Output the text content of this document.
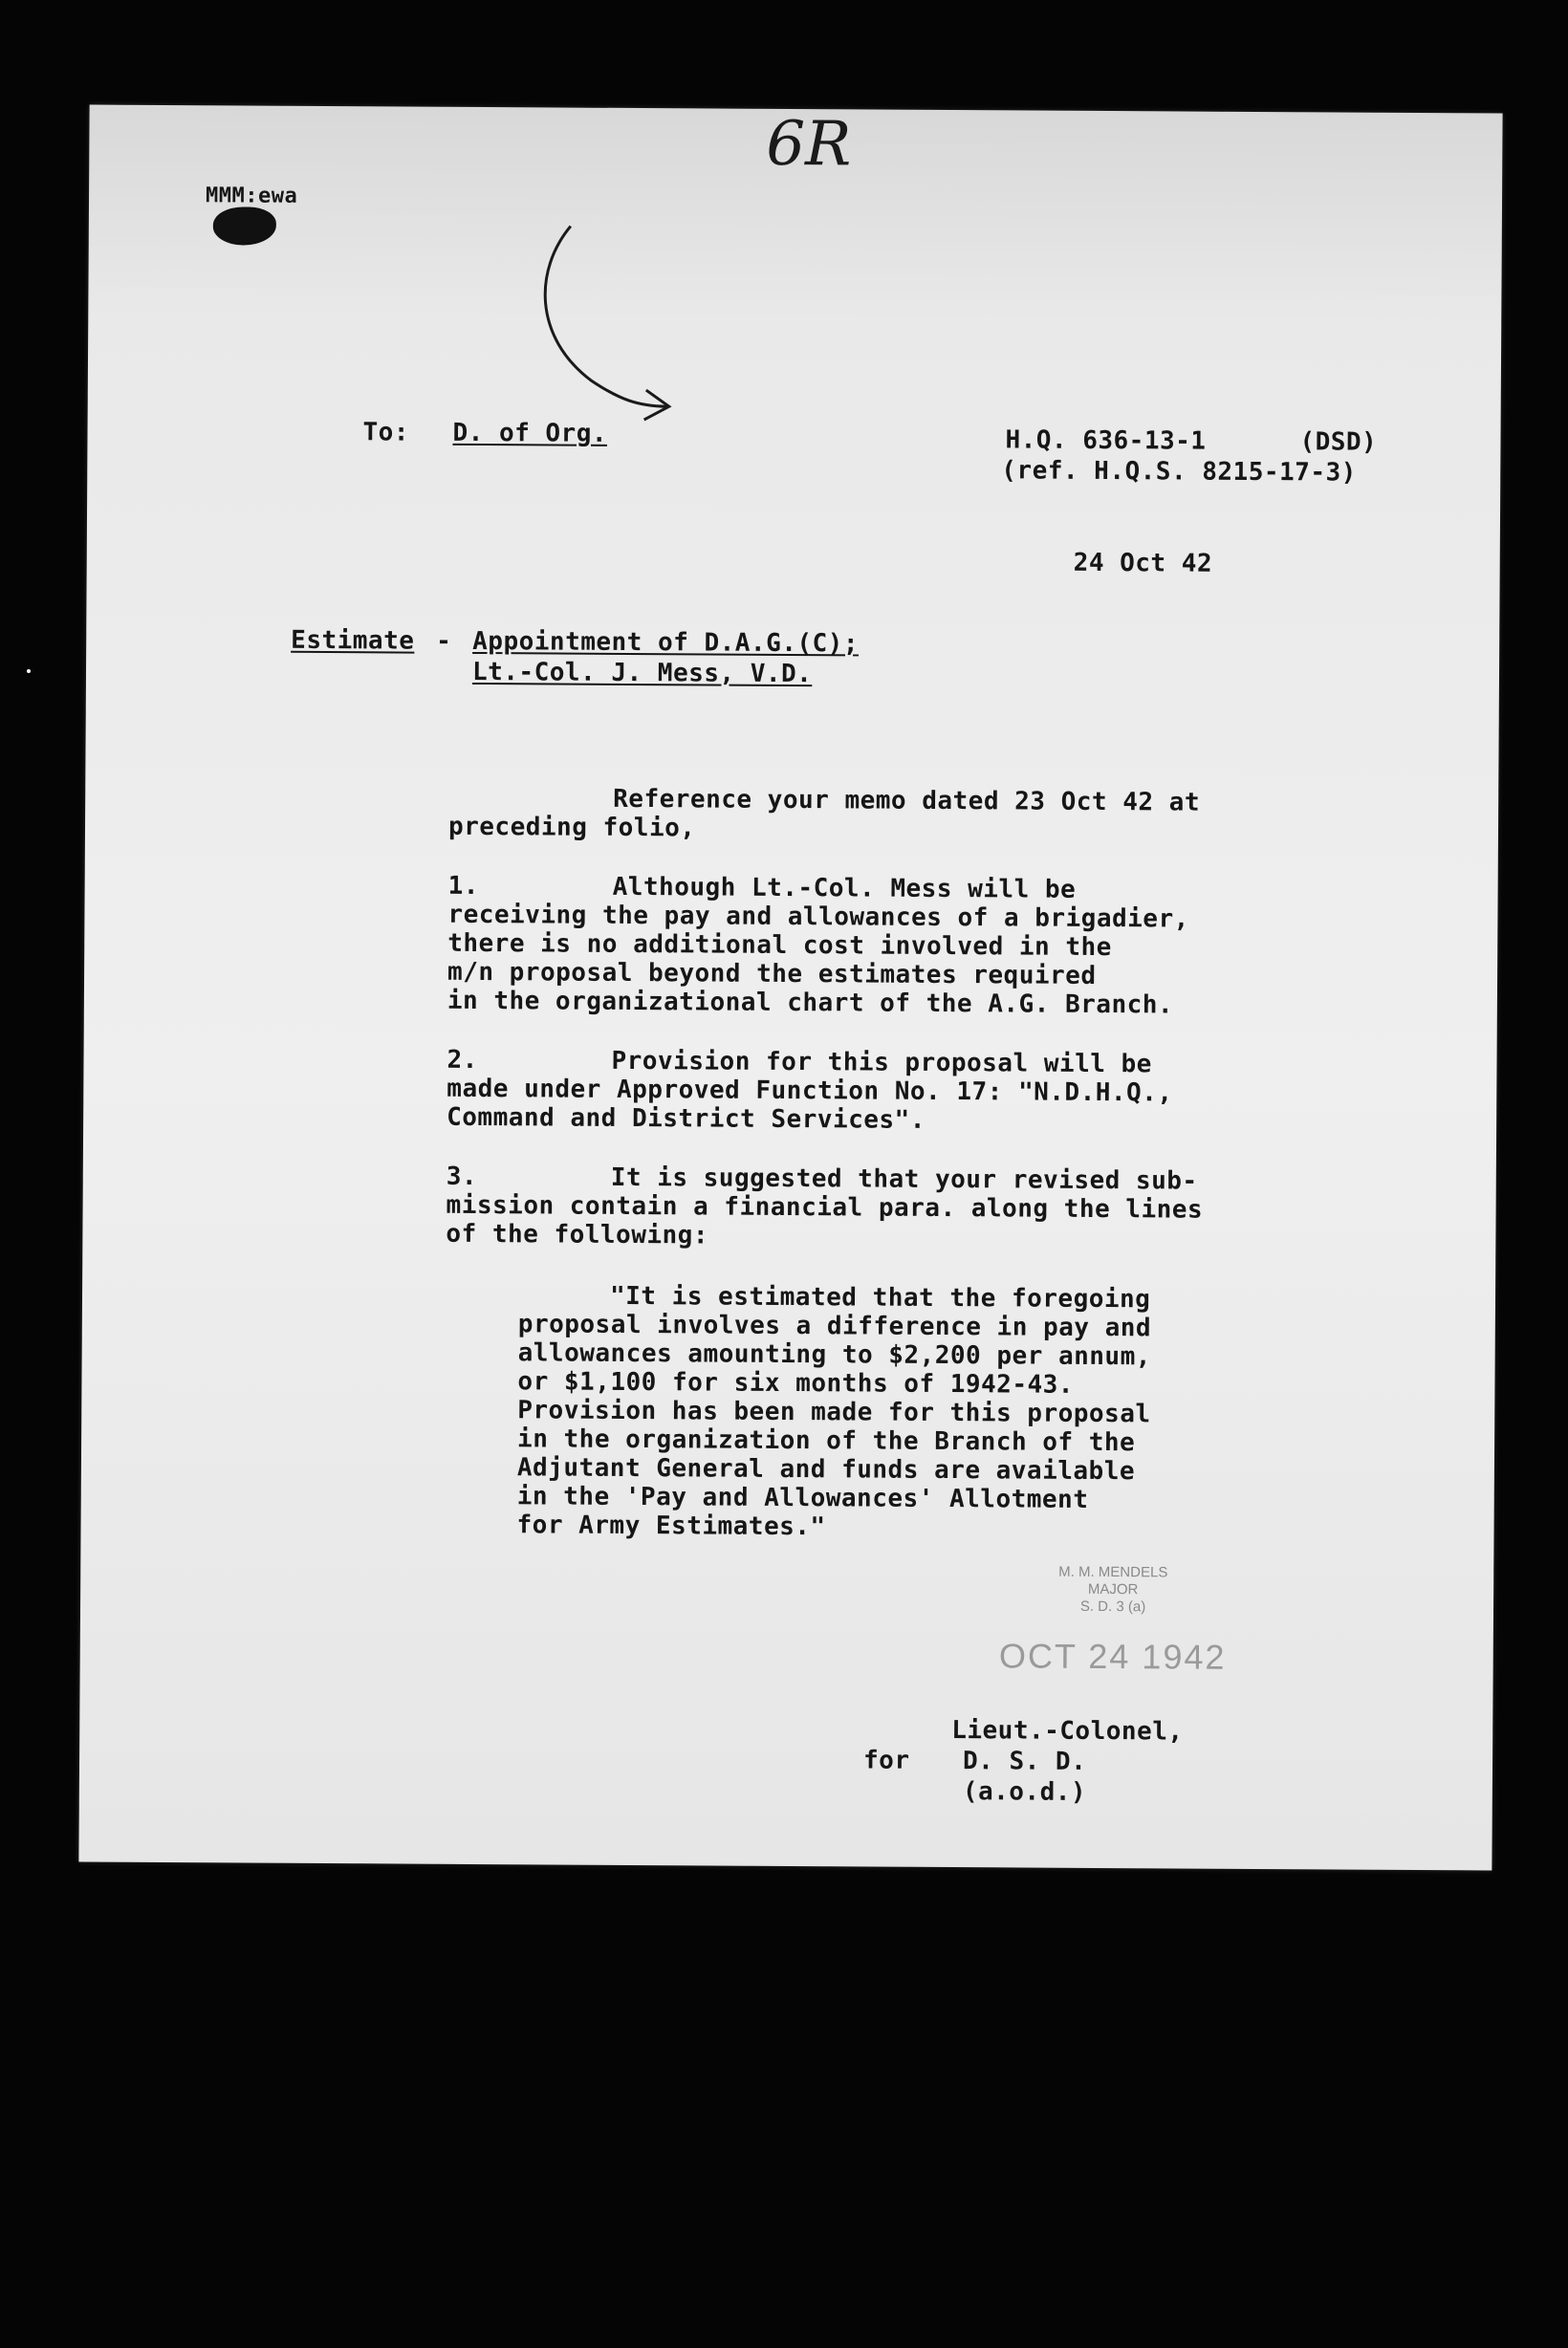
MMM:ewa
6R
To: D. of Org.	H.Q. 636-13-1	(DSD)
(ref. H.Q.S. 8215-17-3)
24 Oct 42
Estimate - Appointment of D.A.G.(C);
Lt.-Col. J. Mess, V.D.
Reference your memo dated 23 Oct 42 at
preceding folio,
1.	Although Lt.-Col. Mess will be
receiving the pay and allowances of a brigadier,
there is no additional cost involved in the
m/n proposal beyond the estimates required
in the organizational chart of the A.G. Branch.
2.	Provision for this proposal will be
made under Approved Function No. 17: "N.D.H.Q.,
Command and District Services".
3.	It is suggested that your revised sub-
mission contain a financial para. along the lines
of the following:
"It is estimated that the foregoing
proposal involves a difference in pay and
allowances amounting to $2,200 per annum,
or $1,100 for six months of 1942-43.
Provision has been made for this proposal
in the organization of the Branch of the
Adjutant General and funds are available
in the 'Pay and Allowances' Allotment
for Army Estimates."
M. M. MENDELS
MAJOR
S. D. 3 (a)
OCT 24 1942
Lieut.-Colonel,
for D. S. D.
(a.o.d.)
